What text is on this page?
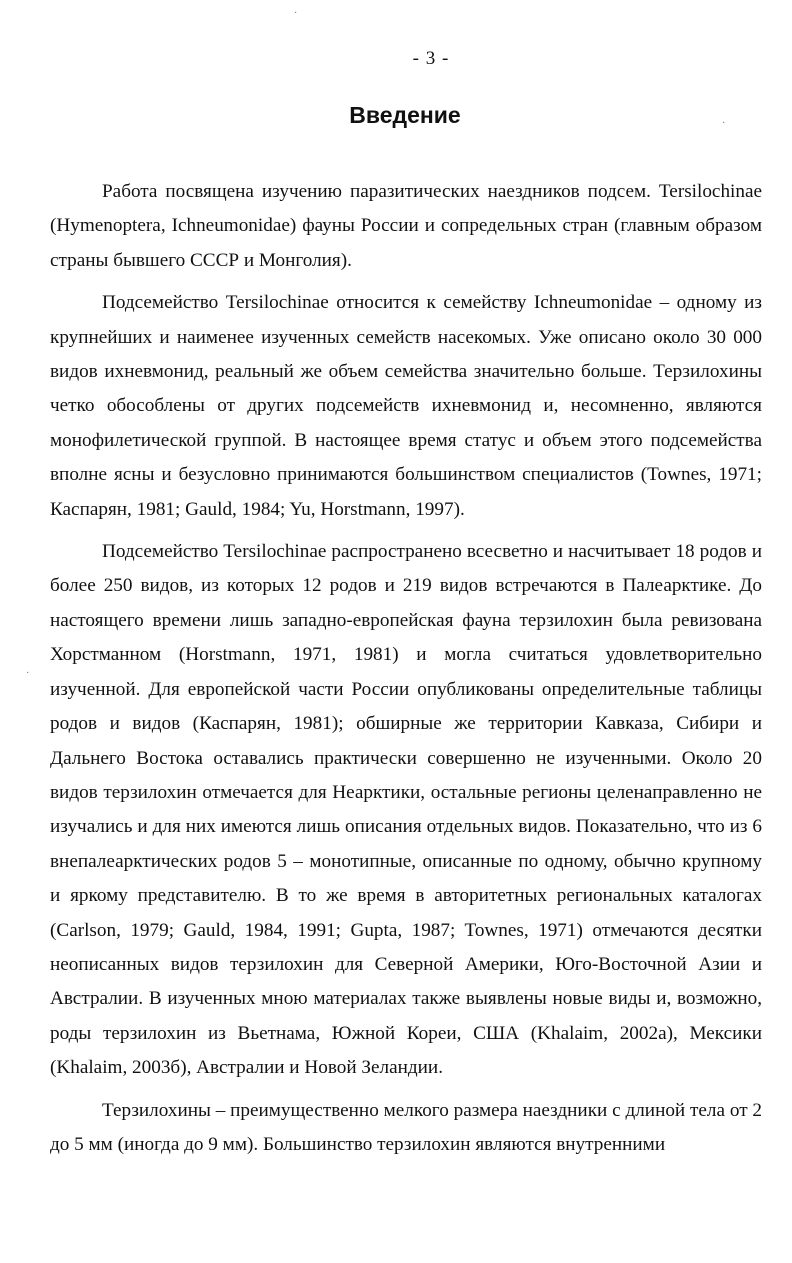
- 3 -
Введение

Работа посвящена изучению паразитических наездников подсем. Tersilochinae (Hymenoptera, Ichneumonidae) фауны России и сопредельных стран (главным образом страны бывшего СССР и Монголия).

Подсемейство Tersilochinae относится к семейству Ichneumonidae – одному из крупнейших и наименее изученных семейств насекомых. Уже описано около 30 000 видов ихневмонид, реальный же объем семейства значительно больше. Терзилохины четко обособлены от других подсемейств ихневмонид и, несомненно, являются монофилетической группой. В настоящее время статус и объем этого подсемейства вполне ясны и безусловно принимаются большинством специалистов (Townes, 1971; Каспарян, 1981; Gauld, 1984; Yu, Horstmann, 1997).

Подсемейство Tersilochinae распространено всесветно и насчитывает 18 родов и более 250 видов, из которых 12 родов и 219 видов встречаются в Палеарктике. До настоящего времени лишь западно-европейская фауна терзилохин была ревизована Хорстманном (Horstmann, 1971, 1981) и могла считаться удовлетворительно изученной. Для европейской части России опубликованы определительные таблицы родов и видов (Каспарян, 1981); обширные же территории Кавказа, Сибири и Дальнего Востока оставались практически совершенно не изученными. Около 20 видов терзилохин отмечается для Неарктики, остальные регионы целенаправленно не изучались и для них имеются лишь описания отдельных видов. Показательно, что из 6 внепалеарктических родов 5 – монотипные, описанные по одному, обычно крупному и яркому представителю. В то же время в авторитетных региональных каталогах (Carlson, 1979; Gauld, 1984, 1991; Gupta, 1987; Townes, 1971) отмечаются десятки неописанных видов терзилохин для Северной Америки, Юго-Восточной Азии и Австралии. В изученных мною материалах также выявлены новые виды и, возможно, роды терзилохин из Вьетнама, Южной Кореи, США (Khalaim, 2002a), Мексики (Khalaim, 2003б), Австралии и Новой Зеландии.

Терзилохины – преимущественно мелкого размера наездники с длиной тела от 2 до 5 мм (иногда до 9 мм). Большинство терзилохин являются внутренними

·
·
·
